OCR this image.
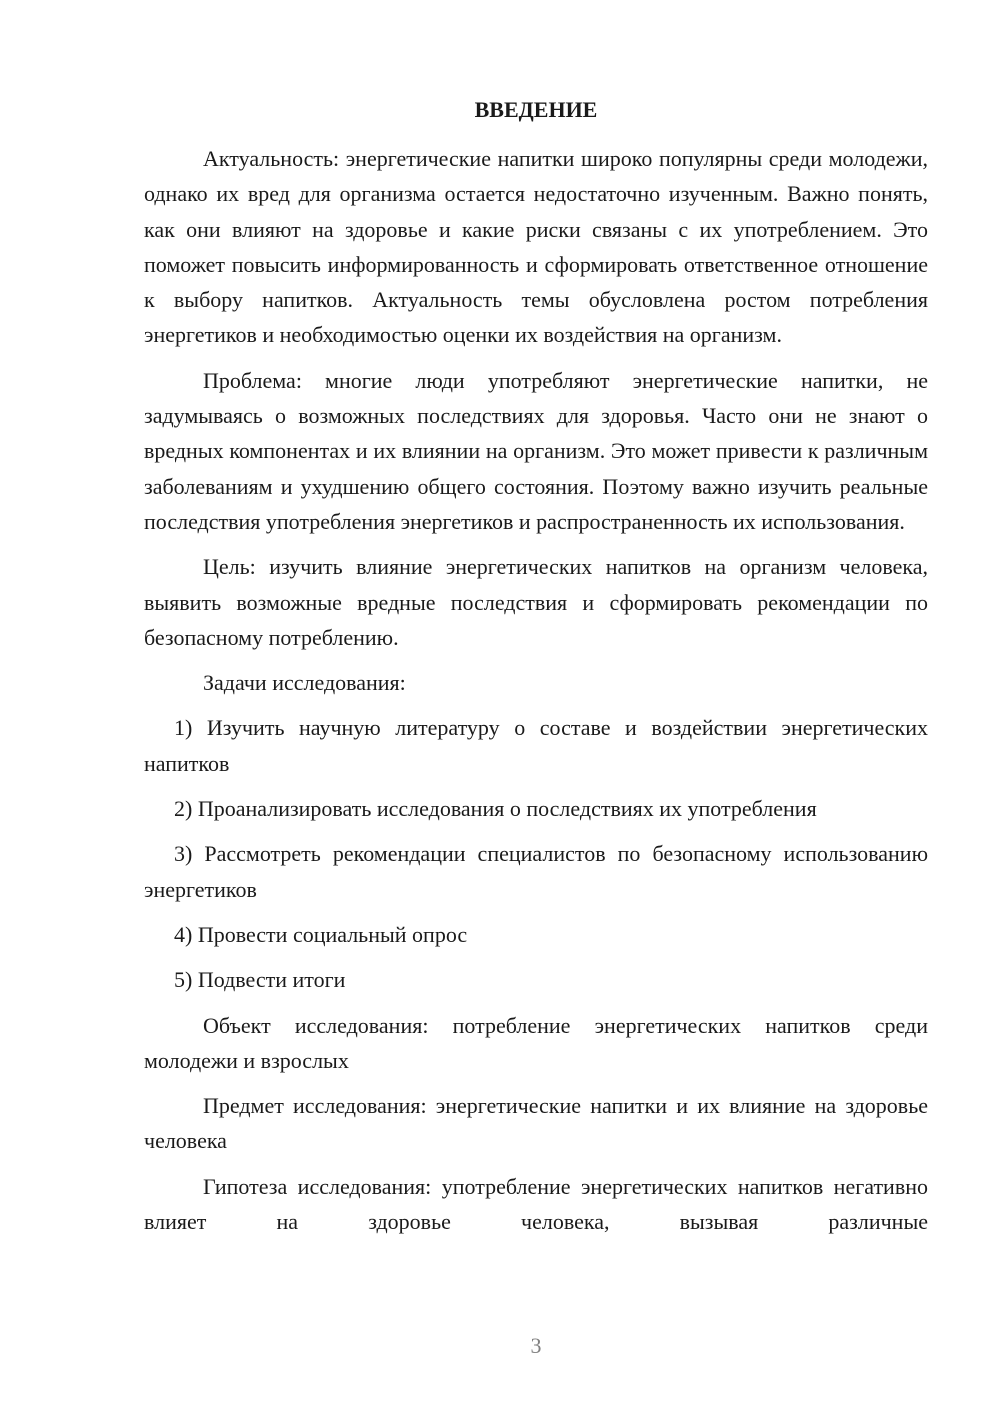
ВВЕДЕНИЕ

Актуальность: энергетические напитки широко популярны среди молодежи, однако их вред для организма остается недостаточно изученным. Важно понять, как они влияют на здоровье и какие риски связаны с их употреблением. Это поможет повысить информированность и сформировать ответственное отношение к выбору напитков. Актуальность темы обусловлена ростом потребления энергетиков и необходимостью оценки их воздействия на организм.

Проблема: многие люди употребляют энергетические напитки, не задумываясь о возможных последствиях для здоровья. Часто они не знают о вредных компонентах и их влиянии на организм. Это может привести к различным заболеваниям и ухудшению общего состояния. Поэтому важно изучить реальные последствия употребления энергетиков и распространенность их использования.

Цель: изучить влияние энергетических напитков на организм человека, выявить возможные вредные последствия и сформировать рекомендации по безопасному потреблению.

Задачи исследования:

1) Изучить научную литературу о составе и воздействии энергетических напитков

2) Проанализировать исследования о последствиях их употребления

3) Рассмотреть рекомендации специалистов по безопасному использованию энергетиков

4) Провести социальный опрос

5) Подвести итоги

Объект исследования: потребление энергетических напитков среди молодежи и взрослых

Предмет исследования: энергетические напитки и их влияние на здоровье человека

Гипотеза исследования: употребление энергетических напитков негативно влияет на здоровье человека, вызывая различные

3
